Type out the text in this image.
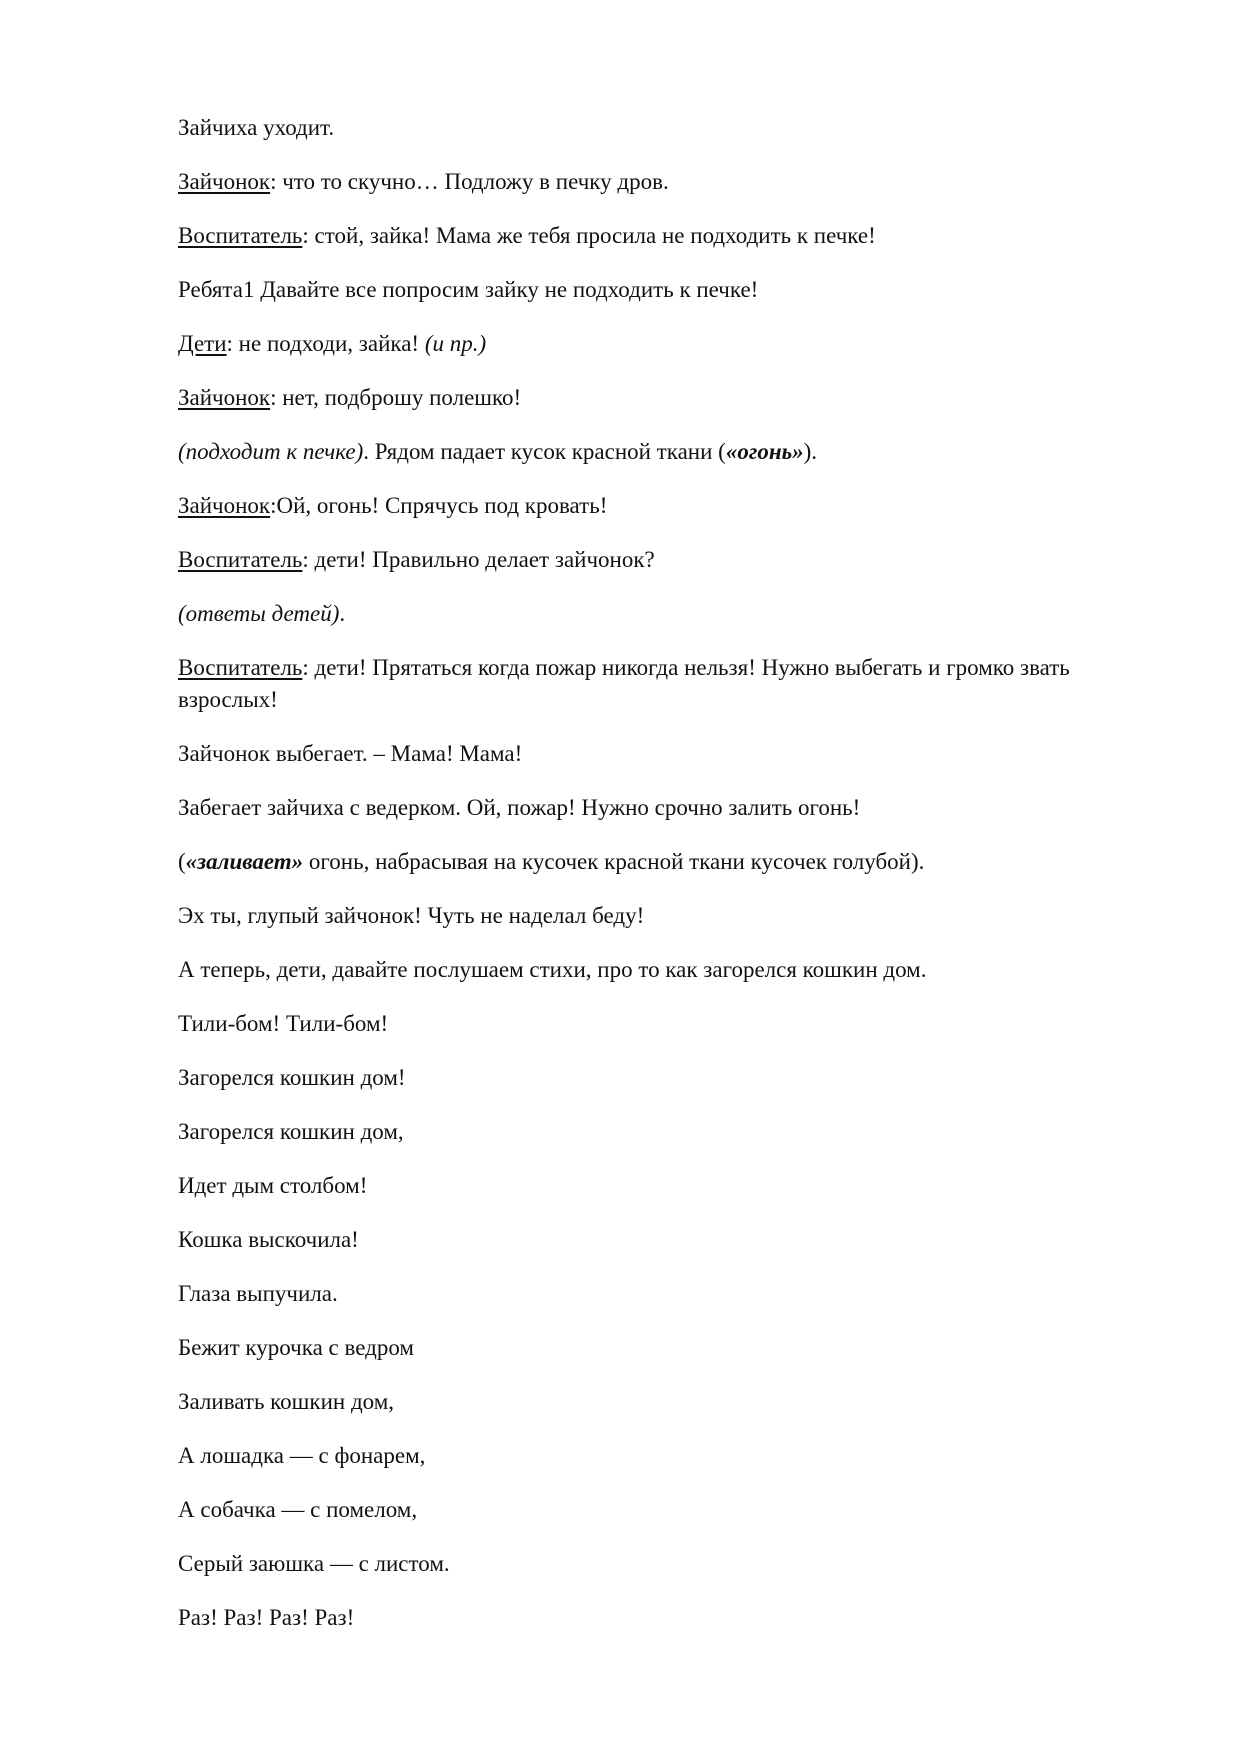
Зайчиха уходит.

Зайчонок: что то скучно… Подложу в печку дров.

Воспитатель: стой, зайка! Мама же тебя просила не подходить к печке!

Ребята1 Давайте все попросим зайку не подходить к печке!

Дети: не подходи, зайка! (и пр.)

Зайчонок: нет, подброшу полешко!

(подходит к печке). Рядом падает кусок красной ткани («огонь»).

Зайчонок:Ой, огонь! Спрячусь под кровать!

Воспитатель: дети! Правильно делает зайчонок?

(ответы детей).

Воспитатель: дети! Прятаться когда пожар никогда нельзя! Нужно выбегать и громко звать взрослых!

Зайчонок выбегает. – Мама! Мама!

Забегает зайчиха с ведерком. Ой, пожар! Нужно срочно залить огонь!

(«заливает» огонь, набрасывая на кусочек красной ткани кусочек голубой).

Эх ты, глупый зайчонок! Чуть не наделал беду!

А теперь, дети, давайте послушаем стихи, про то как загорелся кошкин дом.

Тили-бом! Тили-бом!

Загорелся кошкин дом!

Загорелся кошкин дом,

Идет дым столбом!

Кошка выскочила!

Глаза выпучила.

Бежит курочка с ведром

Заливать кошкин дом,

А лошадка — с фонарем,

А собачка — с помелом,

Серый заюшка — с листом.

Раз! Раз! Раз! Раз!
